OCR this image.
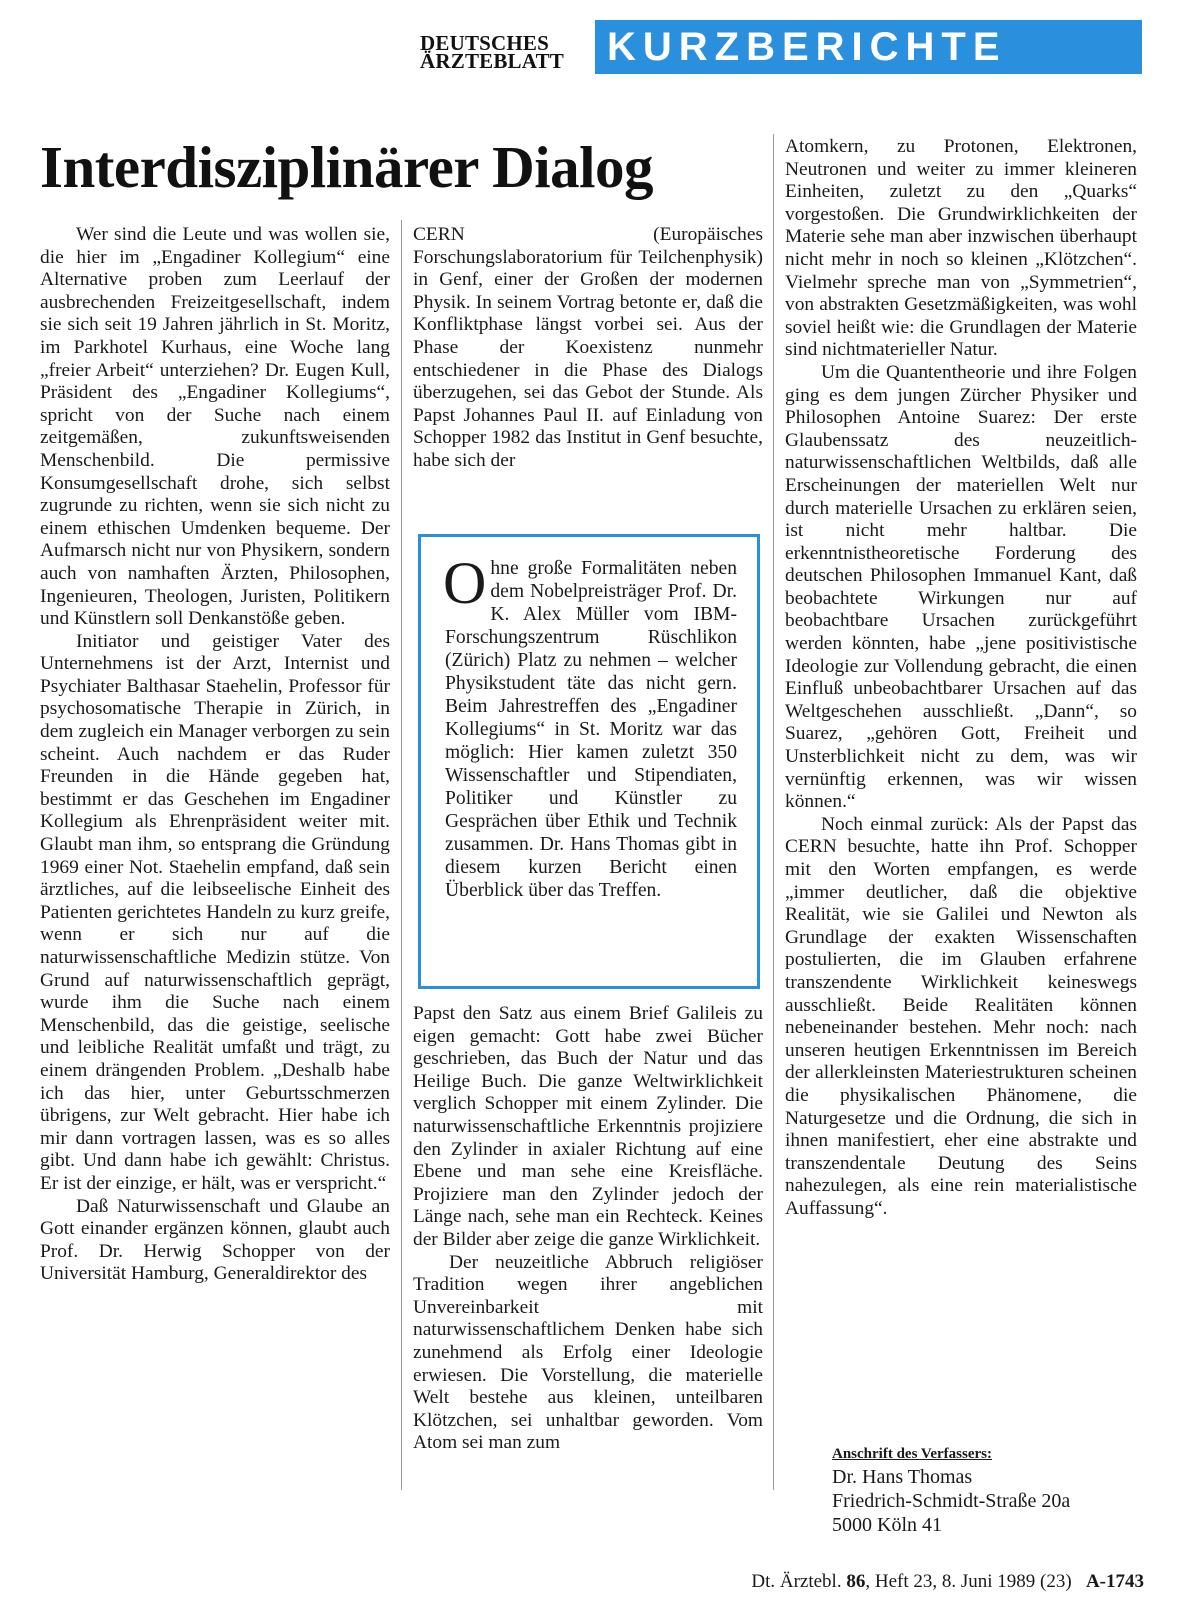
DEUTSCHES
ÄRZTEBLATT	KURZBERICHTE
Interdisziplinärer Dialog

Wer sind die Leute und was wollen sie, die hier im „Engadiner Kollegium“ eine Alternative proben zum Leerlauf der ausbrechenden Freizeitgesellschaft, indem sie sich seit 19 Jahren jährlich in St. Moritz, im Parkhotel Kurhaus, eine Woche lang „freier Arbeit“ unterziehen? Dr. Eugen Kull, Präsident des „Engadiner Kollegiums“, spricht von der Suche nach einem zeitgemäßen, zukunftsweisenden Menschenbild. Die permissive Konsumgesellschaft drohe, sich selbst zugrunde zu richten, wenn sie sich nicht zu einem ethischen Umdenken bequeme. Der Aufmarsch nicht nur von Physikern, sondern auch von namhaften Ärzten, Philosophen, Ingenieuren, Theologen, Juristen, Politikern und Künstlern soll Denkanstöße geben.

Initiator und geistiger Vater des Unternehmens ist der Arzt, Internist und Psychiater Balthasar Staehelin, Professor für psychosomatische Therapie in Zürich, in dem zugleich ein Manager verborgen zu sein scheint. Auch nachdem er das Ruder Freunden in die Hände gegeben hat, bestimmt er das Geschehen im Engadiner Kollegium als Ehrenpräsident weiter mit. Glaubt man ihm, so entsprang die Gründung 1969 einer Not. Staehelin empfand, daß sein ärztliches, auf die leibseelische Einheit des Patienten gerichtetes Handeln zu kurz greife, wenn er sich nur auf die naturwissenschaftliche Medizin stütze. Von Grund auf naturwissenschaftlich geprägt, wurde ihm die Suche nach einem Menschenbild, das die geistige, seelische und leibliche Realität umfaßt und trägt, zu einem drängenden Problem. „Deshalb habe ich das hier, unter Geburtsschmerzen übrigens, zur Welt gebracht. Hier habe ich mir dann vortragen lassen, was es so alles gibt. Und dann habe ich gewählt: Christus. Er ist der einzige, er hält, was er verspricht.“

Daß Naturwissenschaft und Glaube an Gott einander ergänzen können, glaubt auch Prof. Dr. Herwig Schopper von der Universität Hamburg, Generaldirektor des

CERN (Europäisches Forschungslaboratorium für Teilchenphysik) in Genf, einer der Großen der modernen Physik. In seinem Vortrag betonte er, daß die Konfliktphase längst vorbei sei. Aus der Phase der Koexistenz nunmehr entschiedener in die Phase des Dialogs überzugehen, sei das Gebot der Stunde. Als Papst Johannes Paul II. auf Einladung von Schopper 1982 das Institut in Genf besuchte, habe sich der

Ohne große Formalitäten neben dem Nobelpreisträger Prof. Dr. K. Alex Müller vom IBM-Forschungszentrum Rüschlikon (Zürich) Platz zu nehmen – welcher Physikstudent täte das nicht gern. Beim Jahrestreffen des „Engadiner Kollegiums“ in St. Moritz war das möglich: Hier kamen zuletzt 350 Wissenschaftler und Stipendiaten, Politiker und Künstler zu Gesprächen über Ethik und Technik zusammen. Dr. Hans Thomas gibt in diesem kurzen Bericht einen Überblick über das Treffen.

Papst den Satz aus einem Brief Galileis zu eigen gemacht: Gott habe zwei Bücher geschrieben, das Buch der Natur und das Heilige Buch. Die ganze Weltwirklichkeit verglich Schopper mit einem Zylinder. Die naturwissenschaftliche Erkenntnis projiziere den Zylinder in axialer Richtung auf eine Ebene und man sehe eine Kreisfläche. Projiziere man den Zylinder jedoch der Länge nach, sehe man ein Rechteck. Keines der Bilder aber zeige die ganze Wirklichkeit.

Der neuzeitliche Abbruch religiöser Tradition wegen ihrer angeblichen Unvereinbarkeit mit naturwissenschaftlichem Denken habe sich zunehmend als Erfolg einer Ideologie erwiesen. Die Vorstellung, die materielle Welt bestehe aus kleinen, unteilbaren Klötzchen, sei unhaltbar geworden. Vom Atom sei man zum

Atomkern, zu Protonen, Elektronen, Neutronen und weiter zu immer kleineren Einheiten, zuletzt zu den „Quarks“ vorgestoßen. Die Grundwirklichkeiten der Materie sehe man aber inzwischen überhaupt nicht mehr in noch so kleinen „Klötzchen“. Vielmehr spreche man von „Symmetrien“, von abstrakten Gesetzmäßigkeiten, was wohl soviel heißt wie: die Grundlagen der Materie sind nichtmaterieller Natur.

Um die Quantentheorie und ihre Folgen ging es dem jungen Zürcher Physiker und Philosophen Antoine Suarez: Der erste Glaubenssatz des neuzeitlich-naturwissenschaftlichen Weltbilds, daß alle Erscheinungen der materiellen Welt nur durch materielle Ursachen zu erklären seien, ist nicht mehr haltbar. Die erkenntnistheoretische Forderung des deutschen Philosophen Immanuel Kant, daß beobachtete Wirkungen nur auf beobachtbare Ursachen zurückgeführt werden könnten, habe „jene positivistische Ideologie zur Vollendung gebracht, die einen Einfluß unbeobachtbarer Ursachen auf das Weltgeschehen ausschließt. „Dann“, so Suarez, „gehören Gott, Freiheit und Unsterblichkeit nicht zu dem, was wir vernünftig erkennen, was wir wissen können.“

Noch einmal zurück: Als der Papst das CERN besuchte, hatte ihn Prof. Schopper mit den Worten empfangen, es werde „immer deutlicher, daß die objektive Realität, wie sie Galilei und Newton als Grundlage der exakten Wissenschaften postulierten, die im Glauben erfahrene transzendente Wirklichkeit keineswegs ausschließt. Beide Realitäten können nebeneinander bestehen. Mehr noch: nach unseren heutigen Erkenntnissen im Bereich der allerkleinsten Materiestrukturen scheinen die physikalischen Phänomene, die Naturgesetze und die Ordnung, die sich in ihnen manifestiert, eher eine abstrakte und transzendentale Deutung des Seins nahezulegen, als eine rein materialistische Auffassung“.

Anschrift des Verfassers:
Dr. Hans Thomas
Friedrich-Schmidt-Straße 20a
5000 Köln 41
Dt. Ärztebl. 86, Heft 23, 8. Juni 1989 (23) A-1743
